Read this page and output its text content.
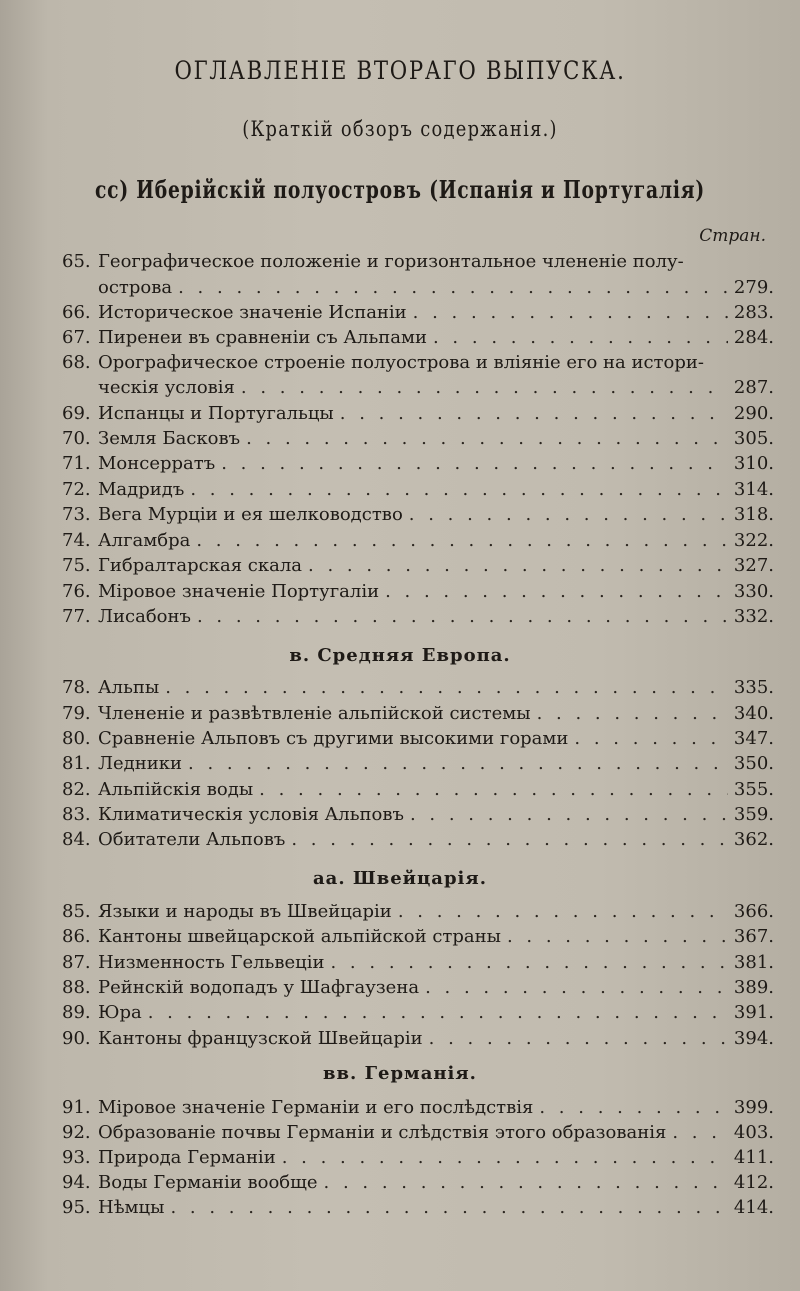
ОГЛАВЛЕНІЕ ВТОРАГО ВЫПУСКА.
(Краткій обзоръ содержанія.)
сс) Иберійскій полуостровъ (Испанія и Португалія)
Стран.
65. Географическое положеніе и горизонтальное члененіе полу-
острова . . .	279.
66. Историческое значеніе Испаніи . . .	283.
67. Пиренеи въ сравненіи съ Альпами . . .	284.
68. Орографическое строеніе полуострова и вліяніе его на истори-
ческія условія . . .	287.
69. Испанцы и Португальцы . . .	290.
70. Земля Басковъ . . .	305.
71. Монсерратъ . . .	310.
72. Мадридъ . . .	314.
73. Вега Мурціи и ея шелководство . . .	318.
74. Алгамбра . . .	322.
75. Гибралтарская скала . . .	327.
76. Міровое значеніе Португаліи . . .	330.
77. Лисабонъ . . .	332.
в. Средняя Европа.
78. Альпы . . .	335.
79. Члененіе и развѣтвленіе альпійской системы . . .	340.
80. Сравненіе Альповъ съ другими высокими горами . . .	347.
81. Ледники . . .	350.
82. Альпійскія воды . . .	355.
83. Климатическія условія Альповъ . . .	359.
84. Обитатели Альповъ . . .	362.
аа. Швейцарія.
85. Языки и народы въ Швейцаріи . . .	366.
86. Кантоны швейцарской альпійской страны . . .	367.
87. Низменность Гельвеціи . . .	381.
88. Рейнскій водопадъ у Шафгаузена . . .	389.
89. Юра . . .	391.
90. Кантоны французской Швейцаріи . . .	394.
вв. Германія.
91. Міровое значеніе Германіи и его послѣдствія . . .	399.
92. Образованіе почвы Германіи и слѣдствія этого образованія . . .	403.
93. Природа Германіи . . .	411.
94. Воды Германіи вообще . . .	412.
95. Нѣмцы . . .	414.
